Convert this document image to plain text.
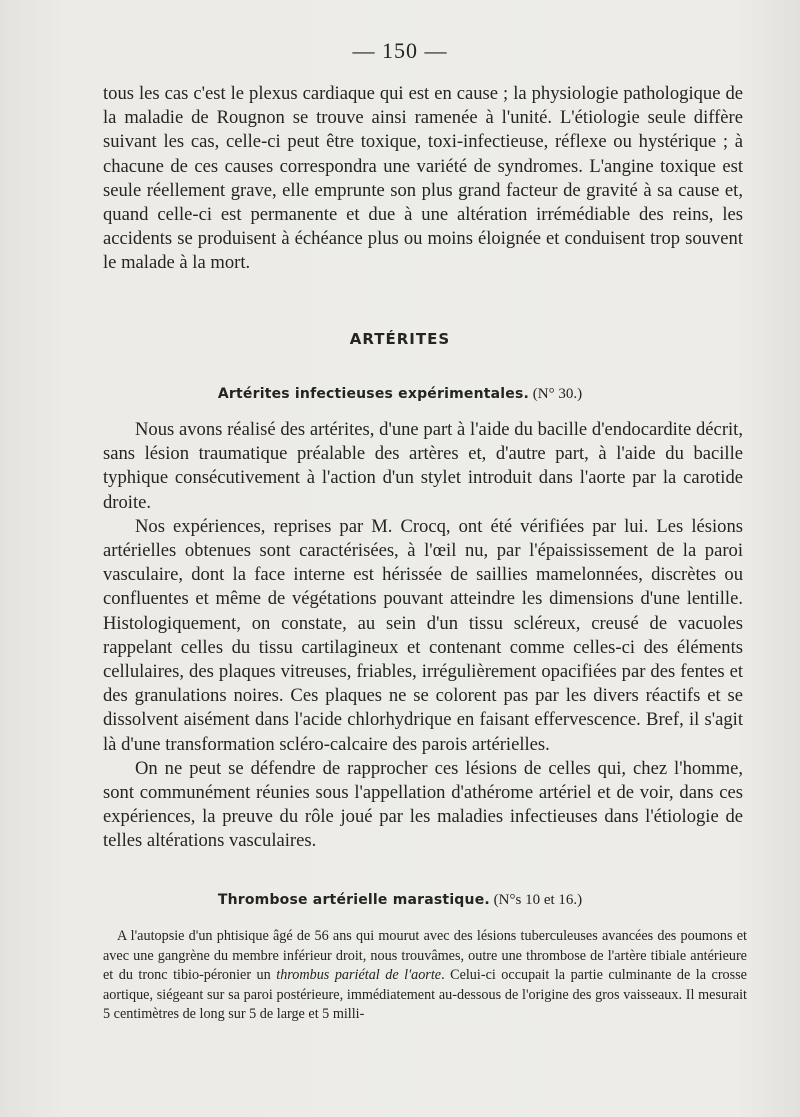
— 150 —

tous les cas c'est le plexus cardiaque qui est en cause ; la physiologie pathologique de la maladie de Rougnon se trouve ainsi ramenée à l'unité. L'étiologie seule diffère suivant les cas, celle-ci peut être toxique, toxi-infectieuse, réflexe ou hystérique ; à chacune de ces causes correspondra une variété de syndromes. L'angine toxique est seule réellement grave, elle emprunte son plus grand facteur de gravité à sa cause et, quand celle-ci est permanente et due à une altération irrémédiable des reins, les accidents se produisent à échéance plus ou moins éloignée et conduisent trop souvent le malade à la mort.

ARTÉRITES
Artérites infectieuses expérimentales. (N° 30.)

Nous avons réalisé des artérites, d'une part à l'aide du bacille d'endocardite décrit, sans lésion traumatique préalable des artères et, d'autre part, à l'aide du bacille typhique consécutivement à l'action d'un stylet introduit dans l'aorte par la carotide droite.

Nos expériences, reprises par M. Crocq, ont été vérifiées par lui. Les lésions artérielles obtenues sont caractérisées, à l'œil nu, par l'épaississement de la paroi vasculaire, dont la face interne est hérissée de saillies mamelonnées, discrètes ou confluentes et même de végétations pouvant atteindre les dimensions d'une lentille. Histologiquement, on constate, au sein d'un tissu scléreux, creusé de vacuoles rappelant celles du tissu cartilagineux et contenant comme celles-ci des éléments cellulaires, des plaques vitreuses, friables, irrégulièrement opacifiées par des fentes et des granulations noires. Ces plaques ne se colorent pas par les divers réactifs et se dissolvent aisément dans l'acide chlorhydrique en faisant effervescence. Bref, il s'agit là d'une transformation scléro-calcaire des parois artérielles.

On ne peut se défendre de rapprocher ces lésions de celles qui, chez l'homme, sont communément réunies sous l'appellation d'athérome artériel et de voir, dans ces expériences, la preuve du rôle joué par les maladies infectieuses dans l'étiologie de telles altérations vasculaires.

Thrombose artérielle marastique. (N°s 10 et 16.)

A l'autopsie d'un phtisique âgé de 56 ans qui mourut avec des lésions tuberculeuses avancées des poumons et avec une gangrène du membre inférieur droit, nous trouvâmes, outre une thrombose de l'artère tibiale antérieure et du tronc tibio-péronier un thrombus pariétal de l'aorte. Celui-ci occupait la partie culminante de la crosse aortique, siégeant sur sa paroi postérieure, immédiatement au-dessous de l'origine des gros vaisseaux. Il mesurait 5 centimètres de long sur 5 de large et 5 milli-
